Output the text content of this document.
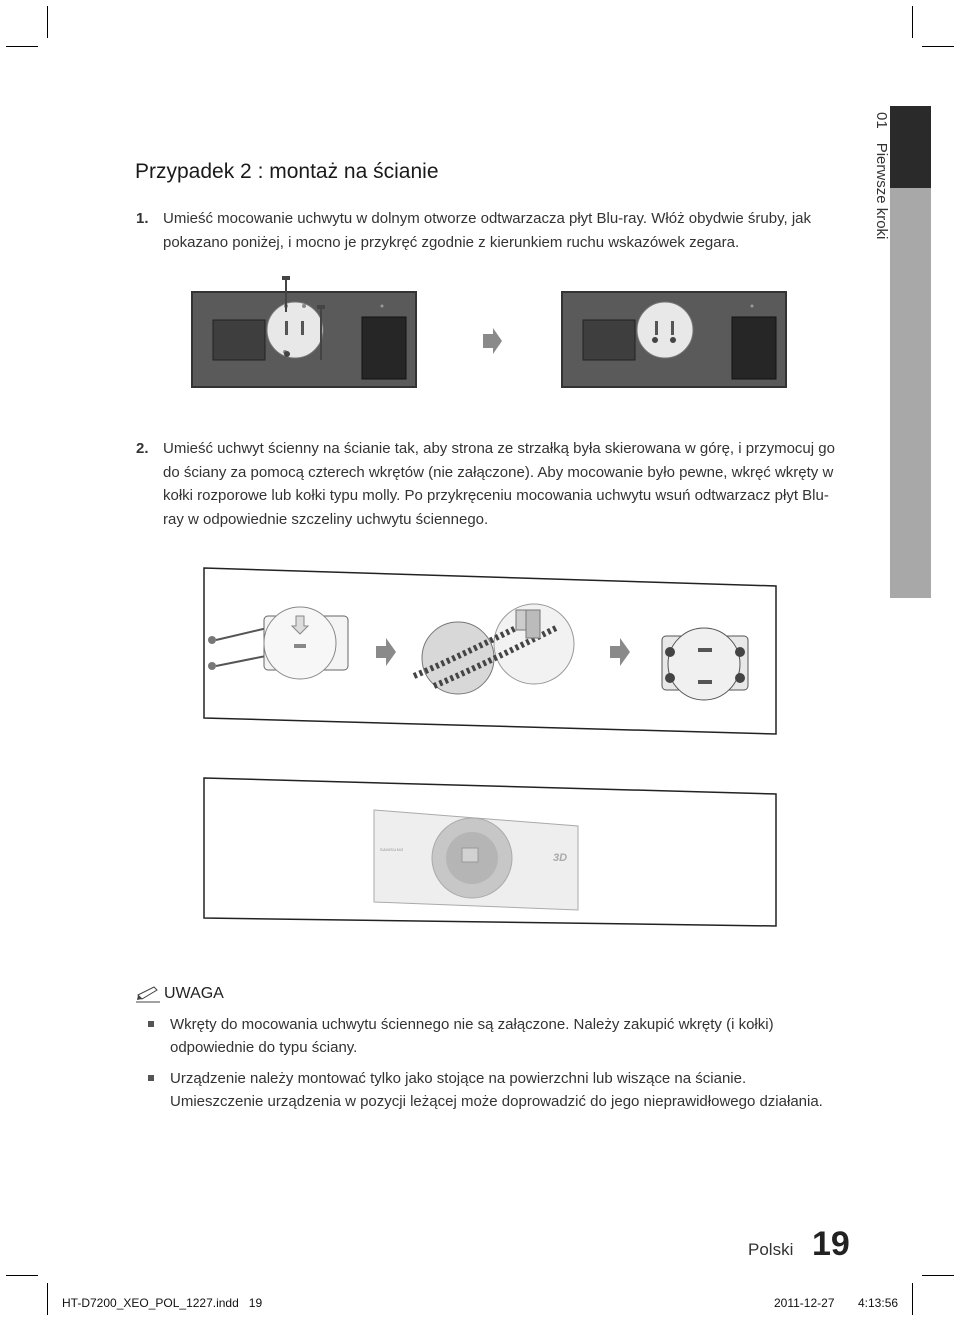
01Pierwsze kroki
Przypadek 2 : montaż na ścianie
1. Umieść mocowanie uchwytu w dolnym otworze odtwarzacza płyt Blu-ray. Włóż obydwie śruby, jak pokazano poniżej, i mocno je przykręć zgodnie z kierunkiem ruchu wskazówek zegara.
2. Umieść uchwyt ścienny na ścianie tak, aby strona ze strzałką była skierowana w górę, i przymocuj go do ściany za pomocą czterech wkrętów (nie załączone). Aby mocowanie było pewne, wkręć wkręty w kołki rozporowe lub kołki typu molly. Po przykręceniu mocowania uchwytu wsuń odtwarzacz płyt Blu-ray w odpowiednie szczeliny uchwytu ściennego.
SAMSUNG
3D
UWAGA
Wkręty do mocowania uchwytu ściennego nie są załączone. Należy zakupić wkręty (i kołki) odpowiednie do typu ściany.
Urządzenie należy montować tylko jako stojące na powierzchni lub wiszące na ścianie. Umieszczenie urządzenia w pozycji leżącej może doprowadzić do jego nieprawidłowego działania.
Polski 19
HT-D7200_XEO_POL_1227.indd   19	2011-12-27 4:13:56
